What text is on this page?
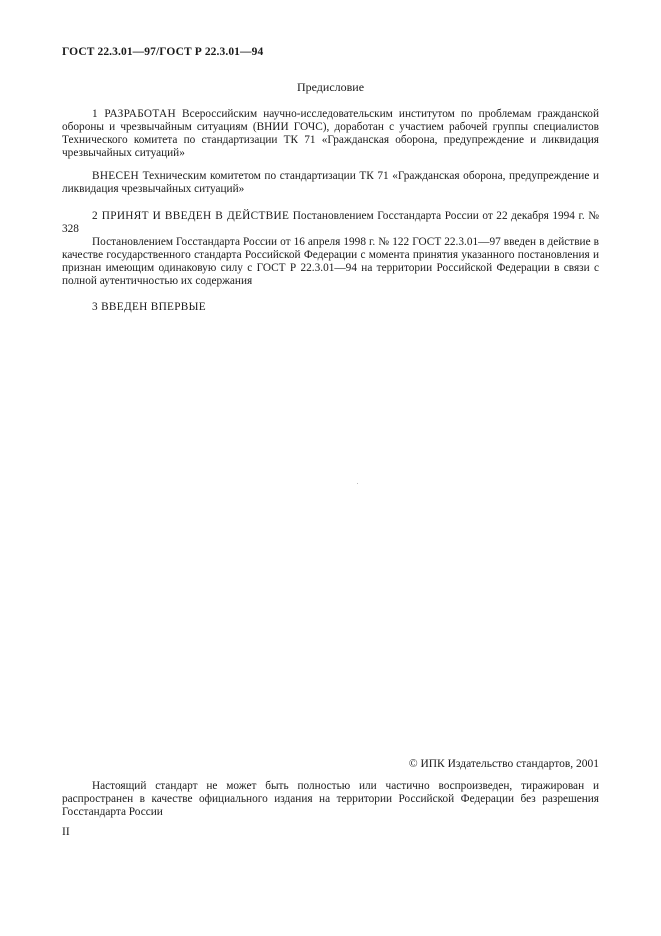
ГОСТ 22.3.01—97/ГОСТ Р 22.3.01—94
Предисловие

1 РАЗРАБОТАН Всероссийским научно-исследовательским институтом по проблемам гражданской обороны и чрезвычайным ситуациям (ВНИИ ГОЧС), доработан с участием рабочей группы специалистов Технического комитета по стандартизации ТК 71 «Гражданская оборона, предупреждение и ликвидация чрезвычайных ситуаций»

ВНЕСЕН Техническим комитетом по стандартизации ТК 71 «Гражданская оборона, предупреждение и ликвидация чрезвычайных ситуаций»

2 ПРИНЯТ И ВВЕДЕН В ДЕЙСТВИЕ Постановлением Госстандарта России от 22 декабря 1994 г. № 328

Постановлением Госстандарта России от 16 апреля 1998 г. № 122 ГОСТ 22.3.01—97 введен в действие в качестве государственного стандарта Российской Федерации с момента принятия указанного постановления и признан имеющим одинаковую силу с ГОСТ Р 22.3.01—94 на территории Российской Федерации в связи с полной аутентичностью их содержания

3 ВВЕДЕН ВПЕРВЫЕ

© ИПК Издательство стандартов, 2001

Настоящий стандарт не может быть полностью или частично воспроизведен, тиражирован и распространен в качестве официального издания на территории Российской Федерации без разрешения Госстандарта России

II
